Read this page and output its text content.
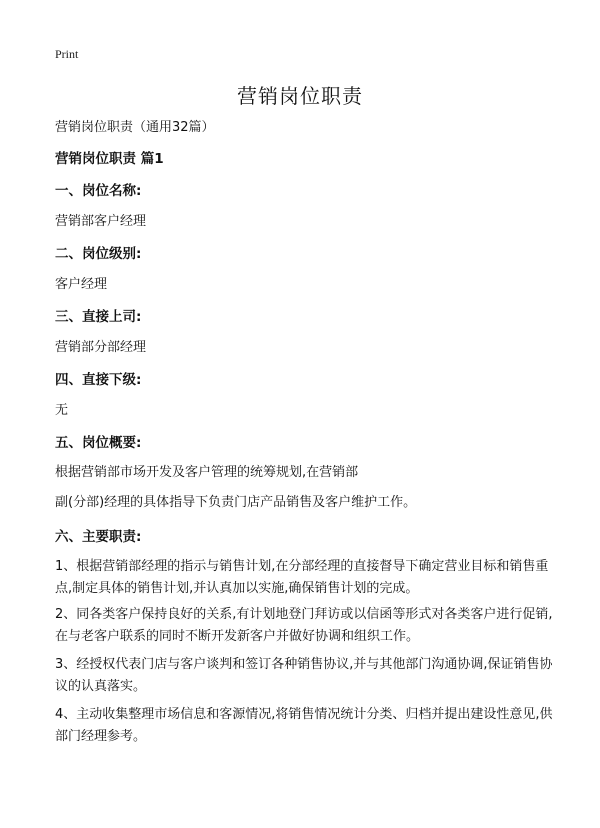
Print
营销岗位职责
营销岗位职责（通用32篇）
营销岗位职责 篇1
一、岗位名称:
营销部客户经理
二、岗位级别:
客户经理
三、直接上司:
营销部分部经理
四、直接下级:
无
五、岗位概要:
根据营销部市场开发及客户管理的统筹规划,在营销部
副(分部)经理的具体指导下负责门店产品销售及客户维护工作。
六、主要职责:
1、根据营销部经理的指示与销售计划,在分部经理的直接督导下确定营业目标和销售重点,制定具体的销售计划,并认真加以实施,确保销售计划的完成。
2、同各类客户保持良好的关系,有计划地登门拜访或以信函等形式对各类客户进行促销,在与老客户联系的同时不断开发新客户并做好协调和组织工作。
3、经授权代表门店与客户谈判和签订各种销售协议,并与其他部门沟通协调,保证销售协议的认真落实。
4、主动收集整理市场信息和客源情况,将销售情况统计分类、归档并提出建设性意见,供部门经理参考。
